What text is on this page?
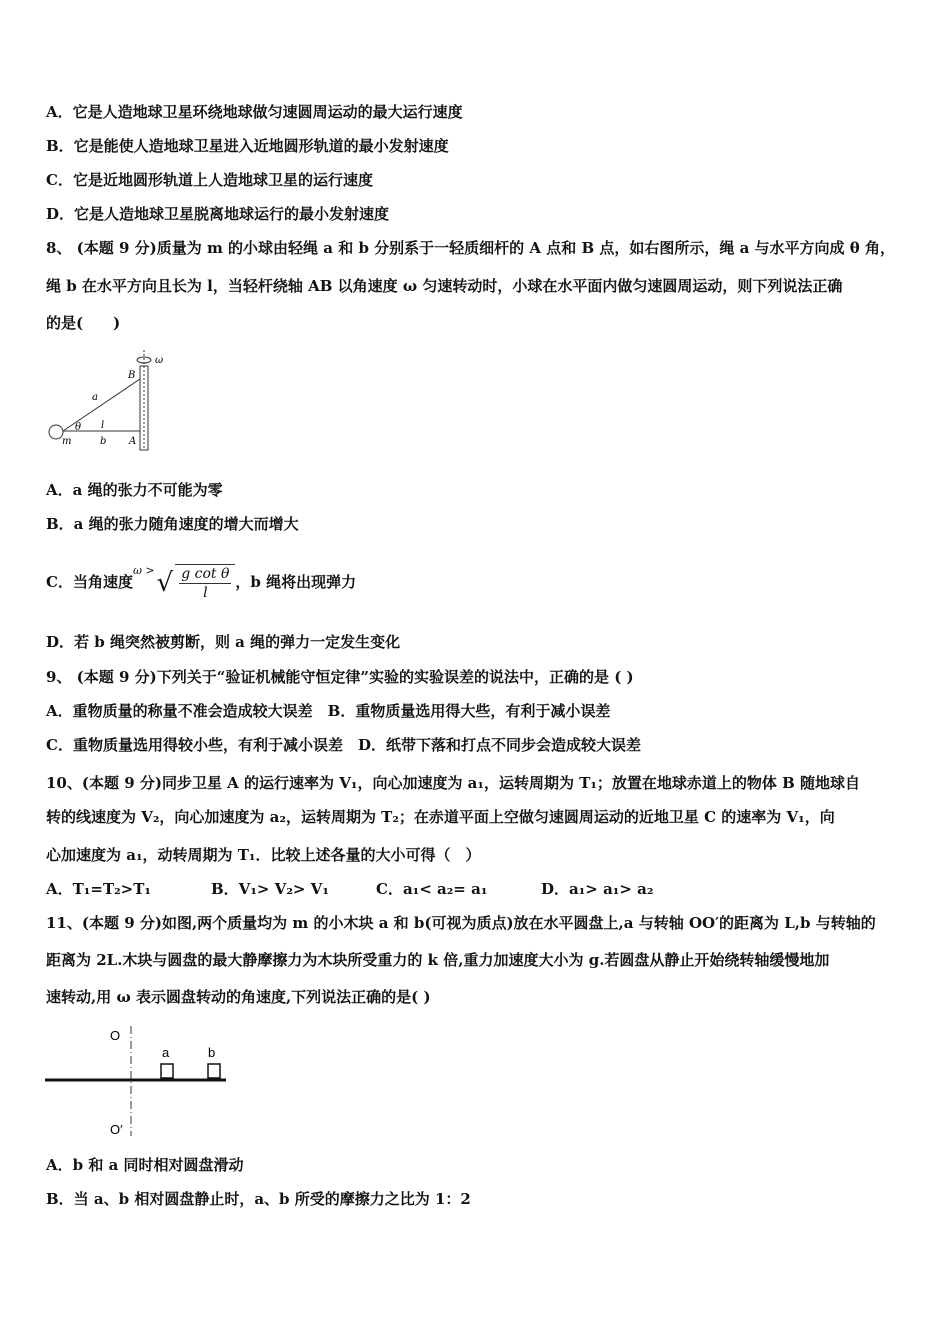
A．它是人造地球卫星环绕地球做匀速圆周运动的最大运行速度
B．它是能使人造地球卫星进入近地圆形轨道的最小发射速度
C．它是近地圆形轨道上人造地球卫星的运行速度
D．它是人造地球卫星脱离地球运行的最小发射速度
8、 (本题 9 分)质量为 m 的小球由轻绳 a 和 b 分别系于一轻质细杆的 A 点和 B 点，如右图所示，绳 a 与水平方向成 θ 角，
绳 b 在水平方向且长为 l，当轻杆绕轴 AB 以角速度 ω 匀速转动时，小球在水平面内做匀速圆周运动，则下列说法正确
的是(　　)
ω
B
a
θ l
m	b A
A．a 绳的张力不可能为零
B．a 绳的张力随角速度的增大而增大
C．当角速度
ω > √ $\frac{\text{g cot θ}}{l}$ ，b 绳将出现弹力
D．若 b 绳突然被剪断，则 a 绳的弹力一定发生变化
9、 (本题 9 分)下列关于“验证机械能守恒定律”实验的实验误差的说法中，正确的是 ( )
A．重物质量的称量不准会造成较大误差　B．重物质量选用得大些，有利于减小误差
C．重物质量选用得较小些，有利于减小误差　D．纸带下落和打点不同步会造成较大误差
10、(本题 9 分)同步卫星 A 的运行速率为 V₁，向心加速度为 a₁，运转周期为 T₁；放置在地球赤道上的物体 B 随地球自
转的线速度为 V₂，向心加速度为 a₂，运转周期为 T₂；在赤道平面上空做匀速圆周运动的近地卫星 C 的速率为 V₁，向
心加速度为 a₁，动转周期为 T₁．比较上述各量的大小可得（　）
A．T₁=T₂>T₁	B．V₁> V₂> V₁	C．a₁< a₂= a₁	D．a₁> a₁> a₂
11、(本题 9 分)如图,两个质量均为 m 的小木块 a 和 b(可视为质点)放在水平圆盘上,a 与转轴 OO′的距离为 L,b 与转轴的
距离为 2L.木块与圆盘的最大静摩擦力为木块所受重力的 k 倍,重力加速度大小为 g.若圆盘从静止开始绕转轴缓慢地加
速转动,用 ω 表示圆盘转动的角速度,下列说法正确的是( )
O
O′
a	b
A．b 和 a 同时相对圆盘滑动
B．当 a、b 相对圆盘静止时，a、b 所受的摩擦力之比为 1：2
